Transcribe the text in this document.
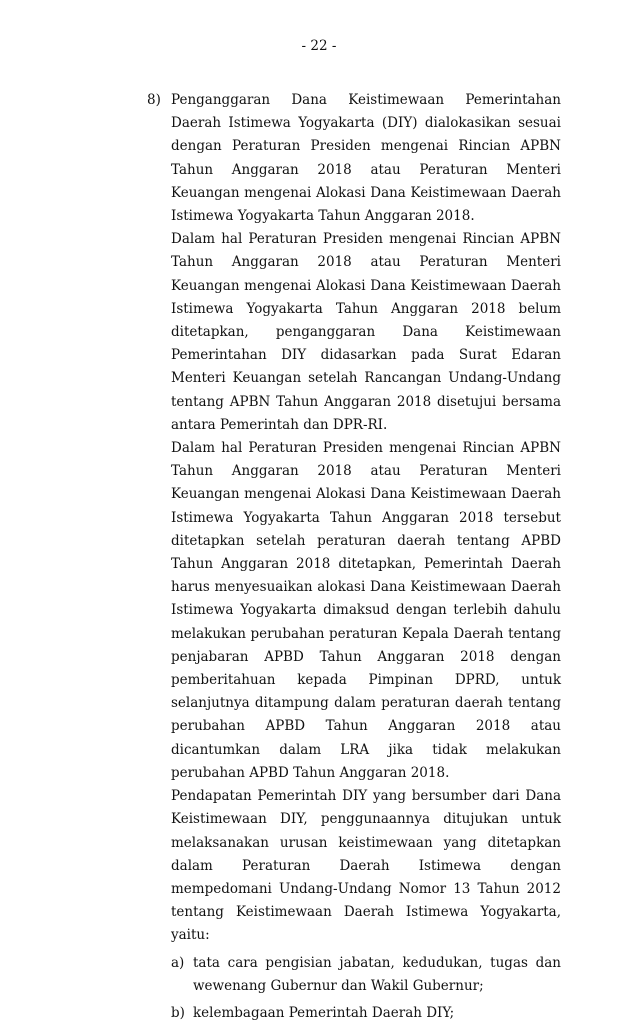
- 22 -
8) Penganggaran Dana Keistimewaan Pemerintahan Daerah Istimewa Yogyakarta (DIY) dialokasikan sesuai dengan Peraturan Presiden mengenai Rincian APBN Tahun Anggaran 2018 atau Peraturan Menteri Keuangan mengenai Alokasi Dana Keistimewaan Daerah Istimewa Yogyakarta Tahun Anggaran 2018.

Dalam hal Peraturan Presiden mengenai Rincian APBN Tahun Anggaran 2018 atau Peraturan Menteri Keuangan mengenai Alokasi Dana Keistimewaan Daerah Istimewa Yogyakarta Tahun Anggaran 2018 belum ditetapkan, penganggaran Dana Keistimewaan Pemerintahan DIY didasarkan pada Surat Edaran Menteri Keuangan setelah Rancangan Undang-Undang tentang APBN Tahun Anggaran 2018 disetujui bersama antara Pemerintah dan DPR-RI.

Dalam hal Peraturan Presiden mengenai Rincian APBN Tahun Anggaran 2018 atau Peraturan Menteri Keuangan mengenai Alokasi Dana Keistimewaan Daerah Istimewa Yogyakarta Tahun Anggaran 2018 tersebut ditetapkan setelah peraturan daerah tentang APBD Tahun Anggaran 2018 ditetapkan, Pemerintah Daerah harus menyesuaikan alokasi Dana Keistimewaan Daerah Istimewa Yogyakarta dimaksud dengan terlebih dahulu melakukan perubahan peraturan Kepala Daerah tentang penjabaran APBD Tahun Anggaran 2018 dengan pemberitahuan kepada Pimpinan DPRD, untuk selanjutnya ditampung dalam peraturan daerah tentang perubahan APBD Tahun Anggaran 2018 atau dicantumkan dalam LRA jika tidak melakukan perubahan APBD Tahun Anggaran 2018.

Pendapatan Pemerintah DIY yang bersumber dari Dana Keistimewaan DIY, penggunaannya ditujukan untuk melaksanakan urusan keistimewaan yang ditetapkan dalam Peraturan Daerah Istimewa dengan mempedomani Undang-Undang Nomor 13 Tahun 2012 tentang Keistimewaan Daerah Istimewa Yogyakarta, yaitu:

a) tata cara pengisian jabatan, kedudukan, tugas dan wewenang Gubernur dan Wakil Gubernur;

b) kelembagaan Pemerintah Daerah DIY;
